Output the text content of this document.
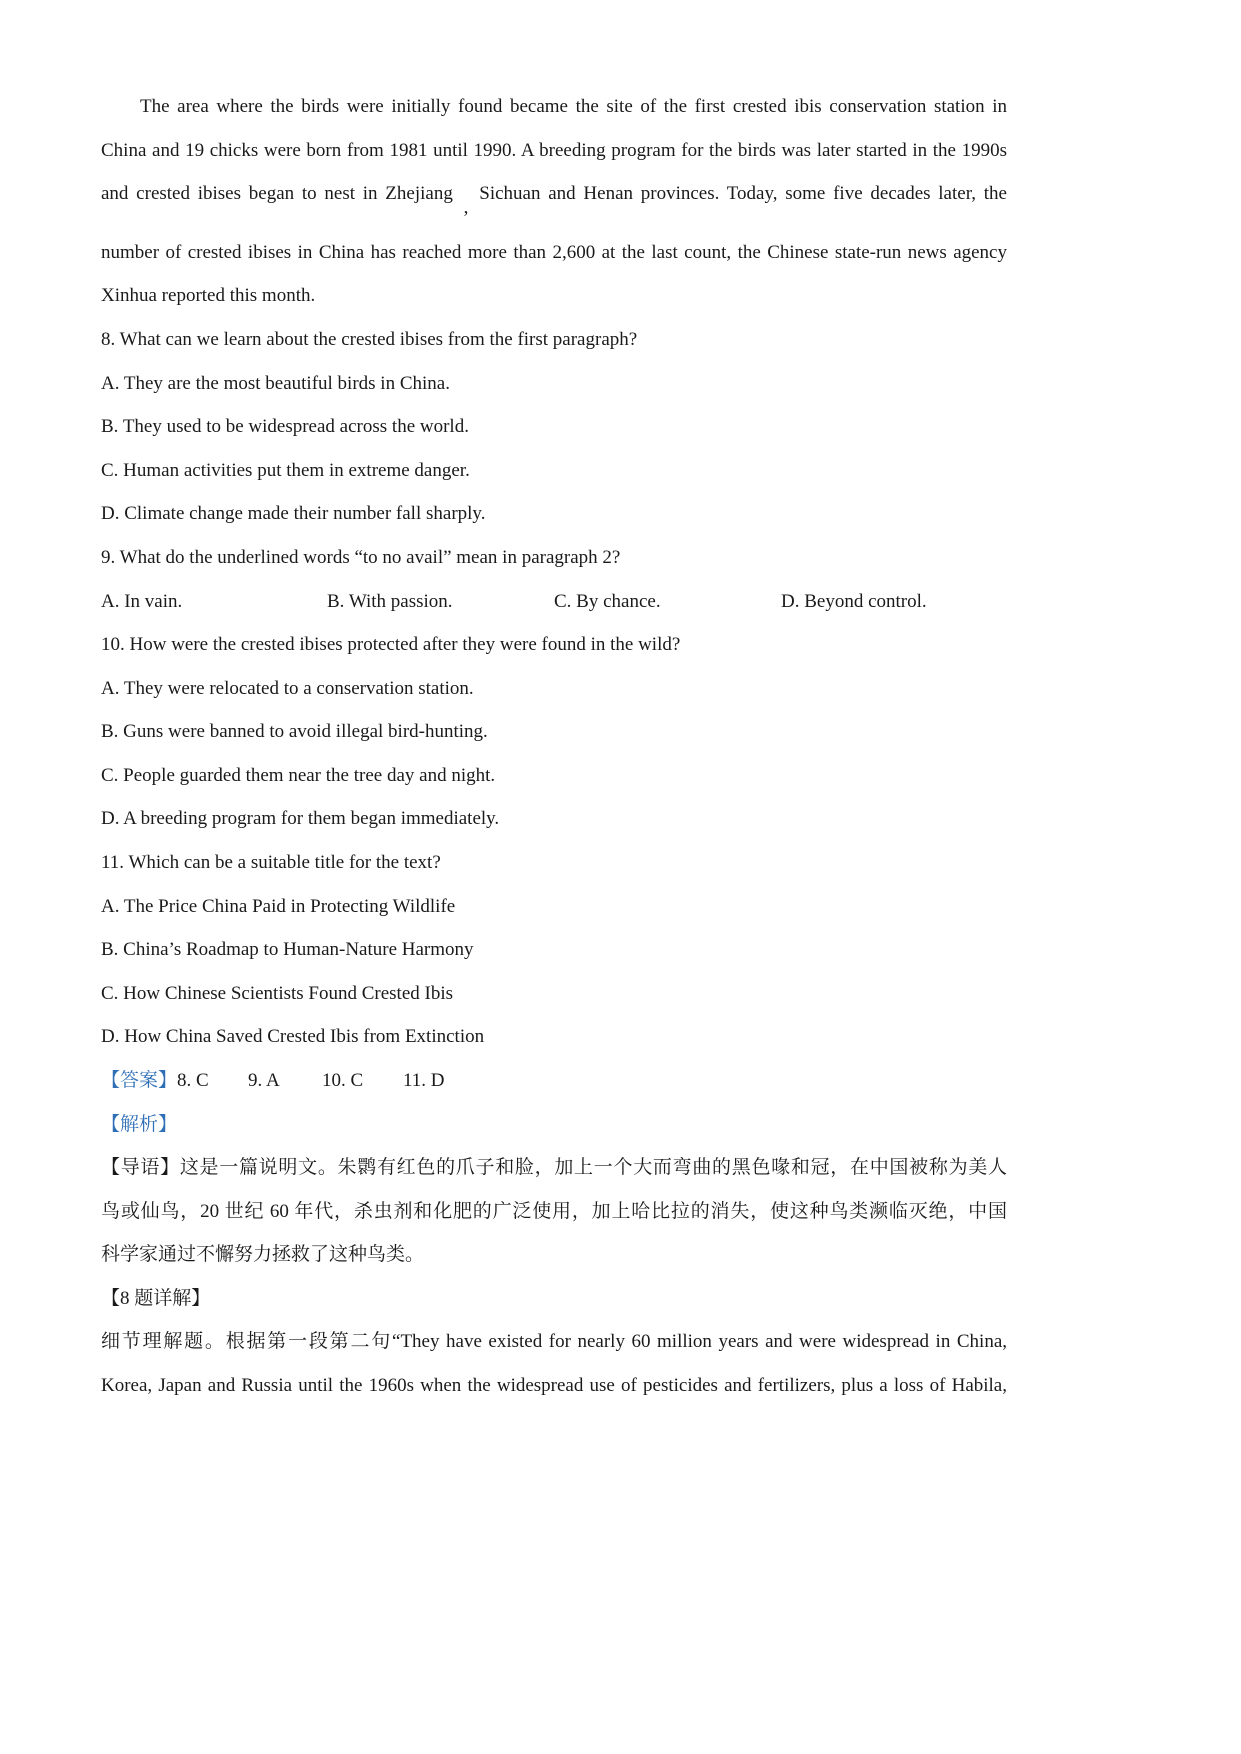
The area where the birds were initially found became the site of the first crested ibis conservation station in
China and 19 chicks were born from 1981 until 1990. A breeding program for the birds was later started in the 1990s
and crested ibises began to nest in Zhejiang
,
Sichuan and Henan provinces. Today, some five decades later, the
number of crested ibises in China has reached more than 2,600 at the last count, the Chinese state-run news agency
Xinhua reported this month.
8. What can we learn about the crested ibises from the first paragraph?
A. They are the most beautiful birds in China.
B. They used to be widespread across the world.
C. Human activities put them in extreme danger.
D. Climate change made their number fall sharply.
9. What do the underlined words “to no avail” mean in paragraph 2?
A. In vain.	B. With passion.	C. By chance.	D. Beyond control.
10. How were the crested ibises protected after they were found in the wild?
A. They were relocated to a conservation station.
B. Guns were banned to avoid illegal bird-hunting.
C. People guarded them near the tree day and night.
D. A breeding program for them began immediately.
11. Which can be a suitable title for the text?
A. The Price China Paid in Protecting Wildlife
B. China’s Roadmap to Human-Nature Harmony
C. How Chinese Scientists Found Crested Ibis
D. How China Saved Crested Ibis from Extinction
【答案】8. C 9. A 10. C 11. D
【解析】
【导语】这是一篇说明文。朱鹮有红色的爪子和脸，加上一个大而弯曲的黑色喙和冠，在中国被称为美人
鸟或仙鸟，20 世纪 60 年代，杀虫剂和化肥的广泛使用，加上哈比拉的消失，使这种鸟类濒临灭绝，中国
科学家通过不懈努力拯救了这种鸟类。
【8 题详解】
细节理解题。根据第一段第二句“They have existed for nearly 60 million years and were widespread in China,
Korea, Japan and Russia until the 1960s when the widespread use of pesticides and fertilizers, plus a loss of Habila,
